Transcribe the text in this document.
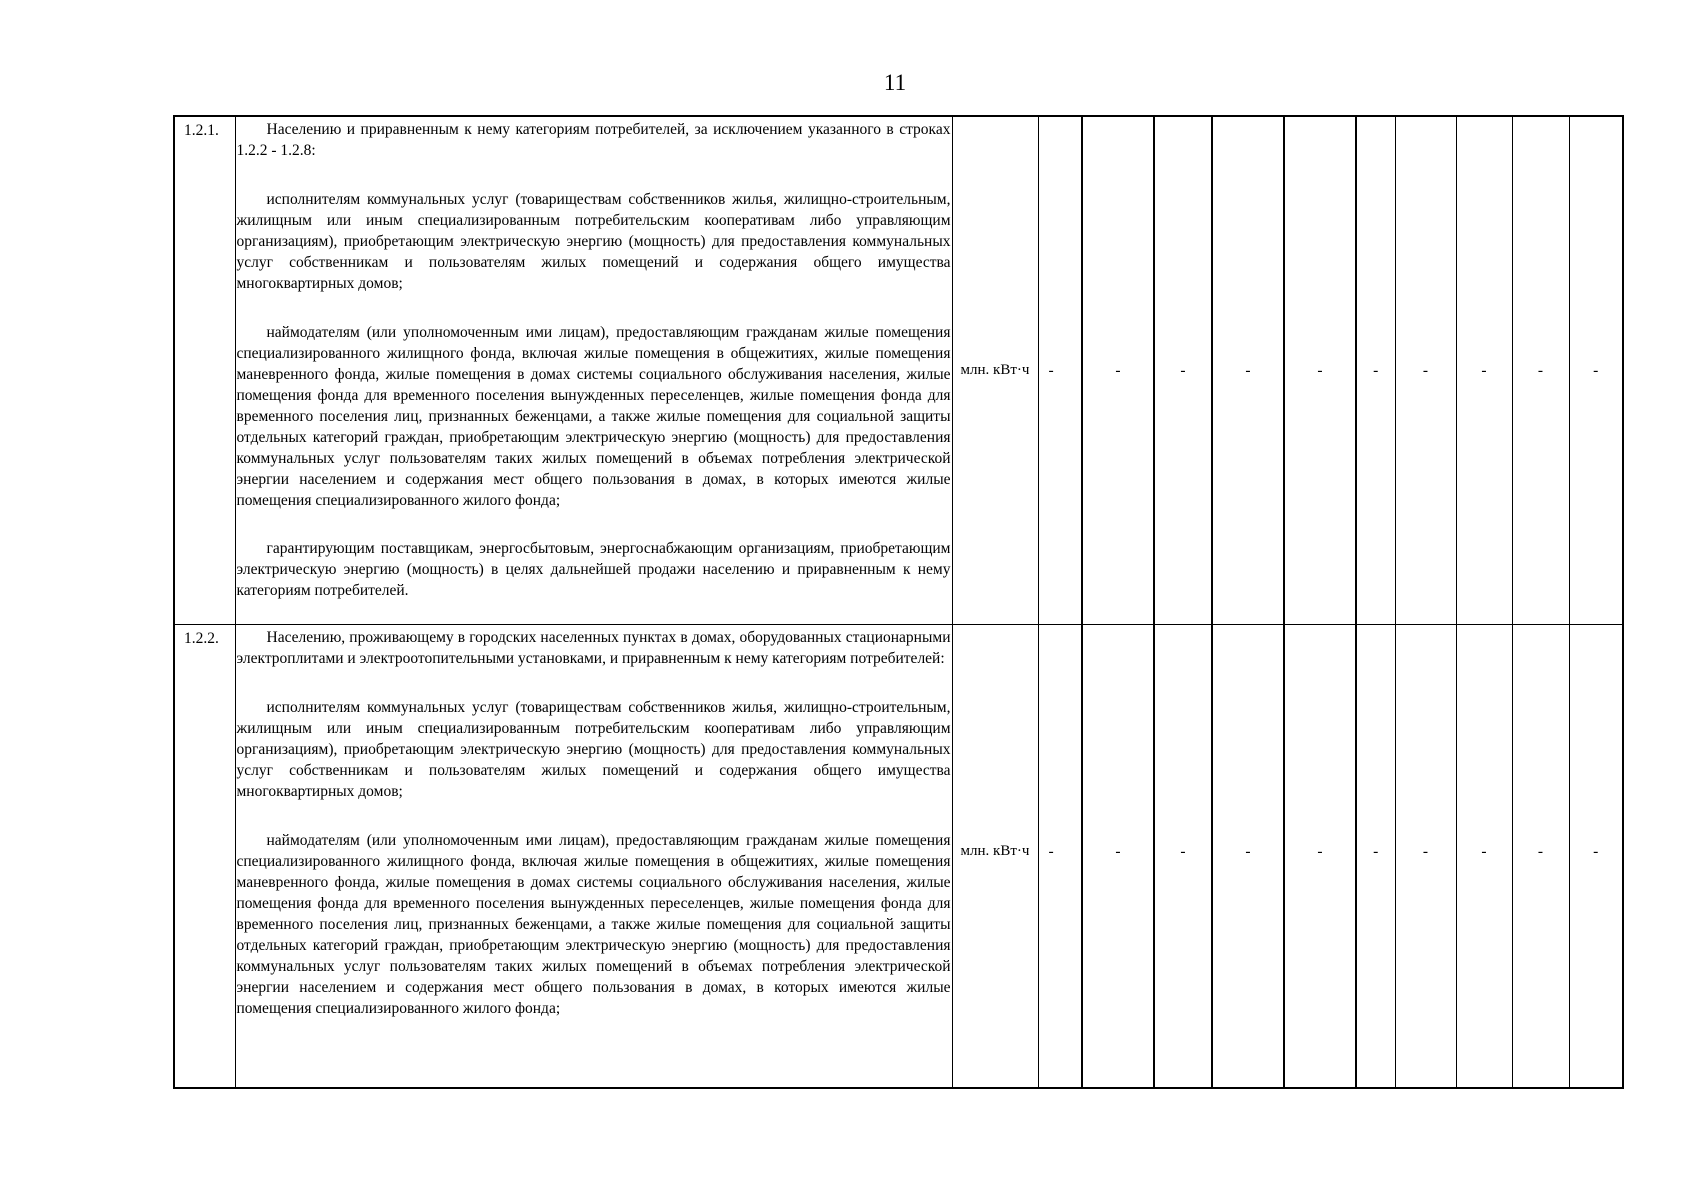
11
1.2.1.	Населению и приравненным к нему категориям потребителей, за исключением указанного в строках 1.2.2 - 1.2.8:

исполнителям коммунальных услуг (товариществам собственников жилья, жилищно-строительным, жилищным или иным специализированным потребительским кооперативам либо управляющим организациям), приобретающим электрическую энергию (мощность) для предоставления коммунальных услуг собственникам и пользователям жилых помещений и содержания общего имущества многоквартирных домов;

наймодателям (или уполномоченным ими лицам), предоставляющим гражданам жилые помещения специализированного жилищного фонда, включая жилые помещения в общежитиях, жилые помещения маневренного фонда, жилые помещения в домах системы социального обслуживания населения, жилые помещения фонда для временного поселения вынужденных переселенцев, жилые помещения фонда для временного поселения лиц, признанных беженцами, а также жилые помещения для социальной защиты отдельных категорий граждан, приобретающим электрическую энергию (мощность) для предоставления коммунальных услуг пользователям таких жилых помещений в объемах потребления электрической энергии населением и содержания мест общего пользования в домах, в которых имеются жилые помещения специализированного жилого фонда;

гарантирующим поставщикам, энергосбытовым, энергоснабжающим организациям, приобретающим электрическую энергию (мощность) в целях дальнейшей продажи населению и приравненным к нему категориям потребителей.	млн. кВт·ч	-	-	-	-	-	-	-	-	-	-

1.2.2.	Населению, проживающему в городских населенных пунктах в домах, оборудованных стационарными электроплитами и электроотопительными установками, и приравненным к нему категориям потребителей:

исполнителям коммунальных услуг (товариществам собственников жилья, жилищно-строительным, жилищным или иным специализированным потребительским кооперативам либо управляющим организациям), приобретающим электрическую энергию (мощность) для предоставления коммунальных услуг собственникам и пользователям жилых помещений и содержания общего имущества многоквартирных домов;

наймодателям (или уполномоченным ими лицам), предоставляющим гражданам жилые помещения специализированного жилищного фонда, включая жилые помещения в общежитиях, жилые помещения маневренного фонда, жилые помещения в домах системы социального обслуживания населения, жилые помещения фонда для временного поселения вынужденных переселенцев, жилые помещения фонда для временного поселения лиц, признанных беженцами, а также жилые помещения для социальной защиты отдельных категорий граждан, приобретающим электрическую энергию (мощность) для предоставления коммунальных услуг пользователям таких жилых помещений в объемах потребления электрической энергии населением и содержания мест общего пользования в домах, в которых имеются жилые помещения специализированного жилого фонда;	млн. кВт·ч	-	-	-	-	-	-	-	-	-	-
